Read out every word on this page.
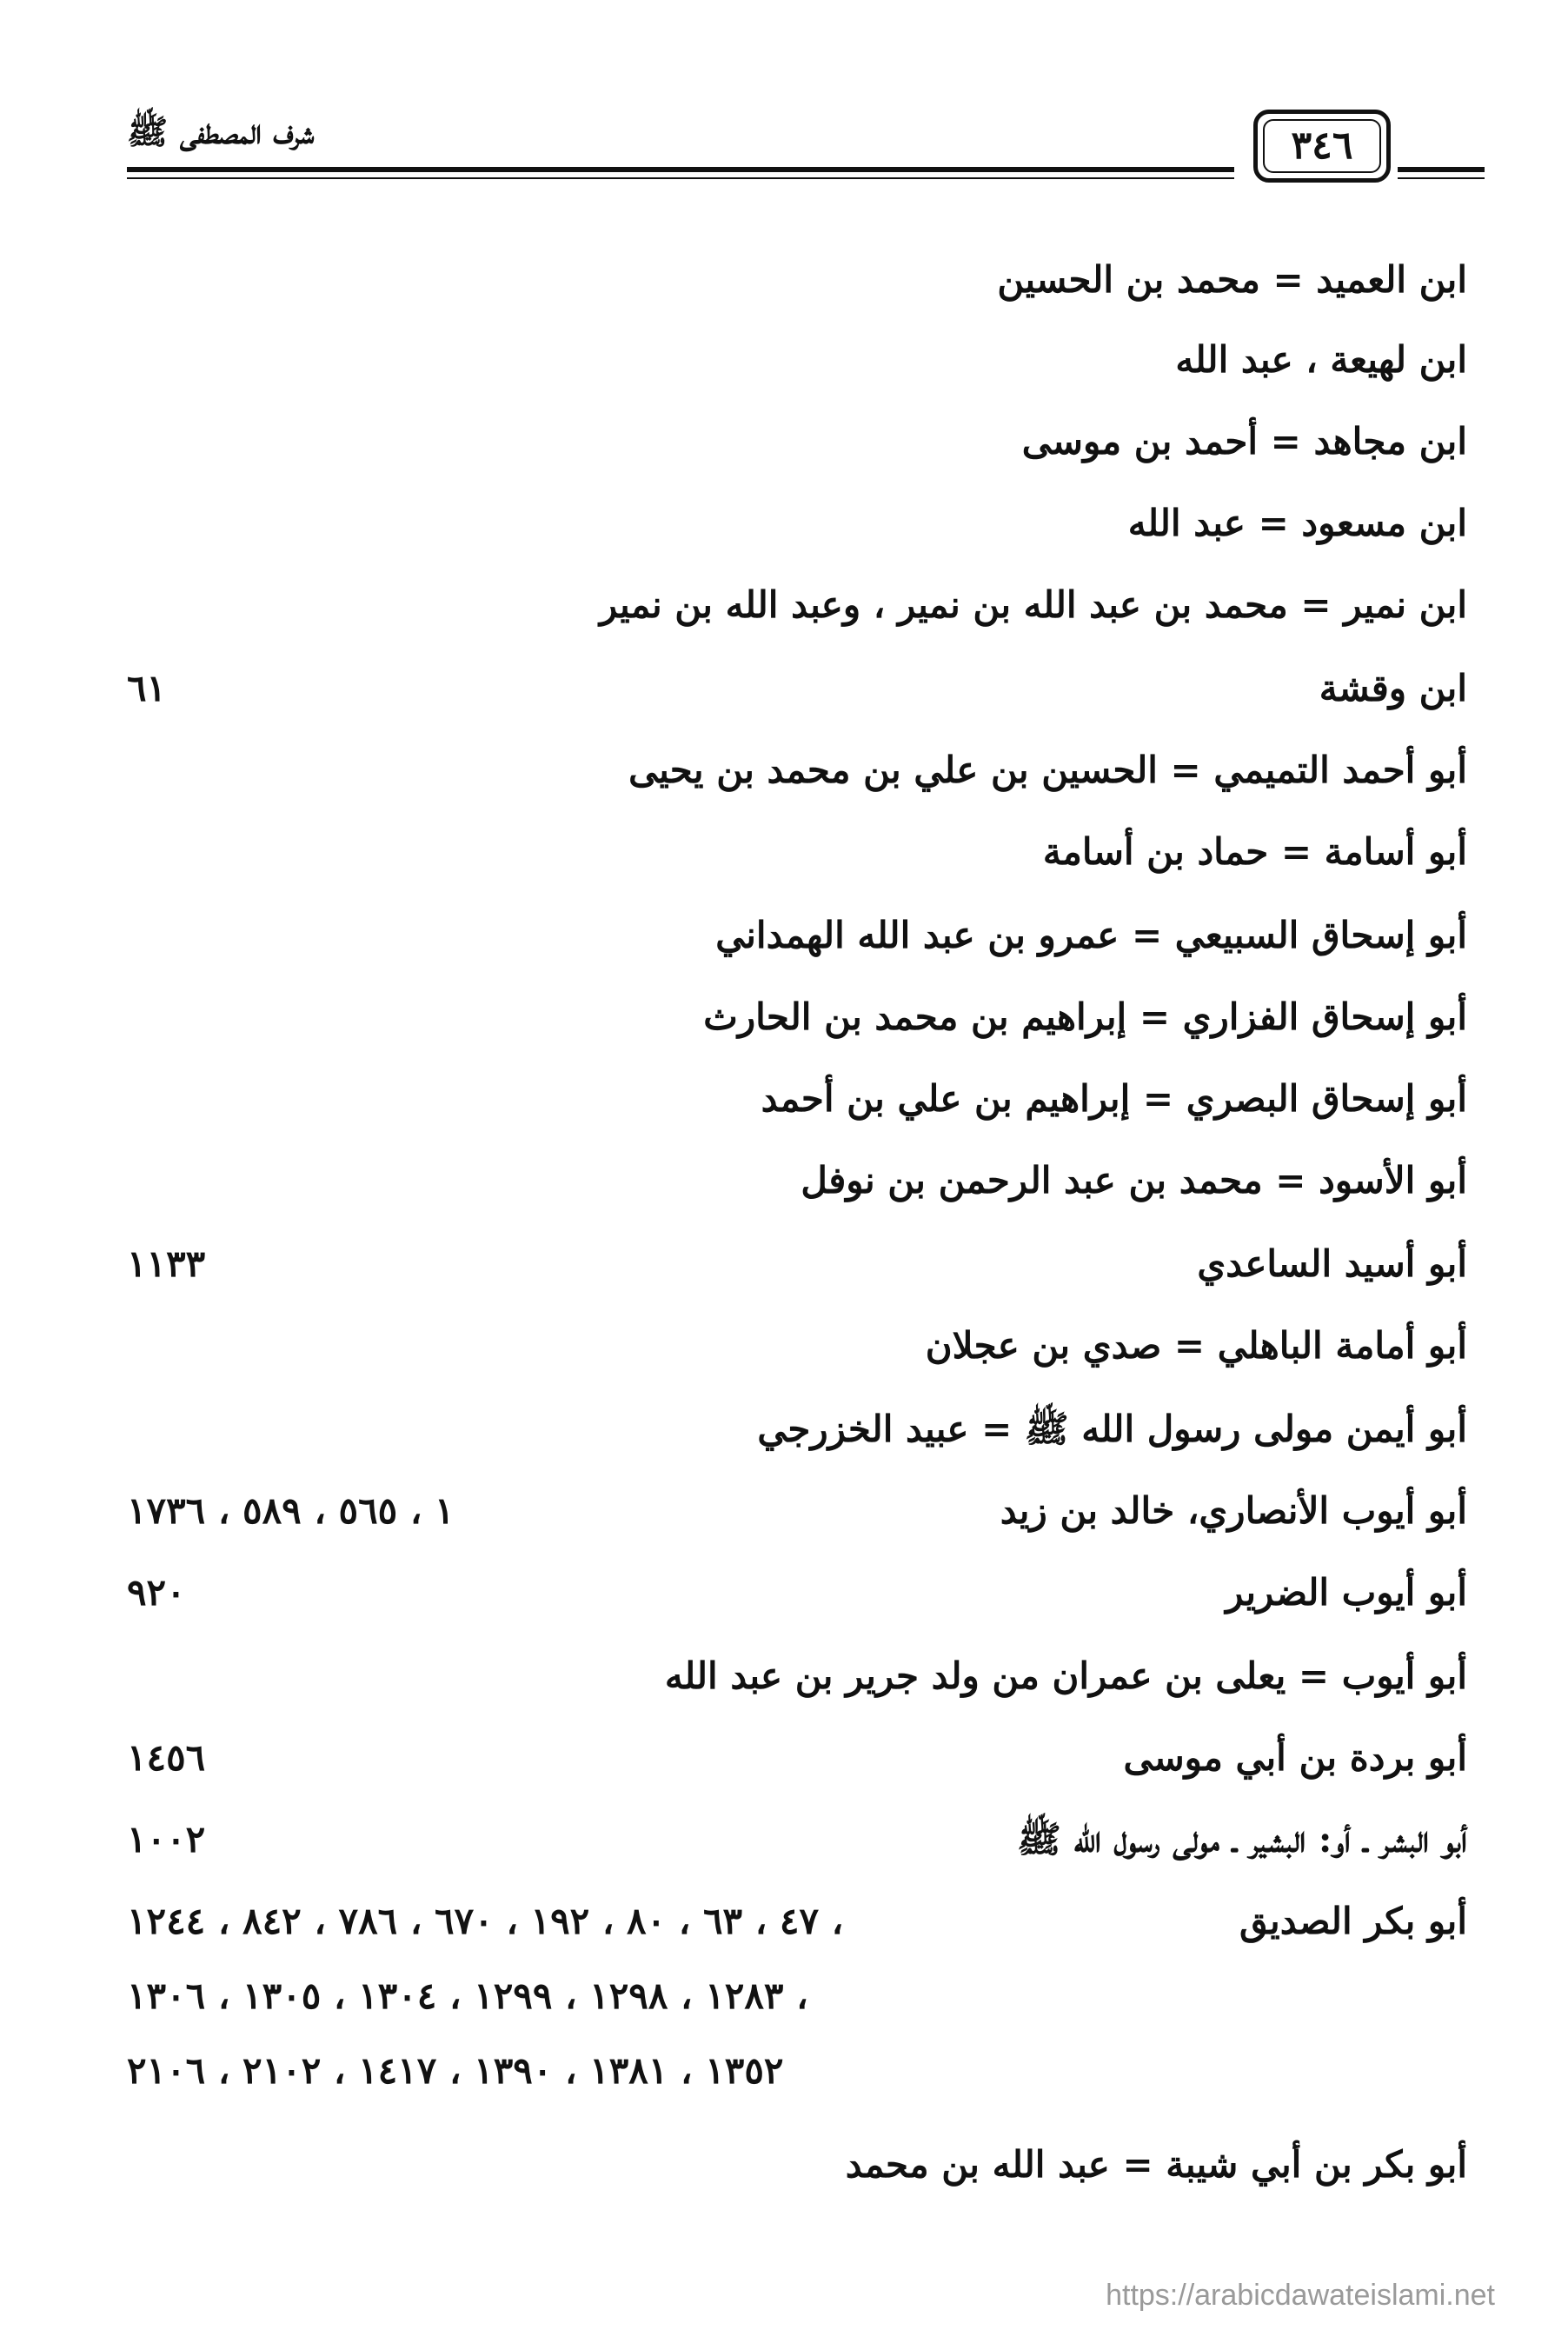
شرف المصطفى ﷺ	٣٤٦
ابن العميد = محمد بن الحسين
ابن لهيعة ، عبد الله
ابن مجاهد = أحمد بن موسى
ابن مسعود = عبد الله
ابن نمير = محمد بن عبد الله بن نمير ، وعبد الله بن نمير
ابن وقشة
٦١
أبو أحمد التميمي = الحسين بن علي بن محمد بن يحيى
أبو أسامة = حماد بن أسامة
أبو إسحاق السبيعي = عمرو بن عبد الله الهمداني
أبو إسحاق الفزاري = إبراهيم بن محمد بن الحارث
أبو إسحاق البصري = إبراهيم بن علي بن أحمد
أبو الأسود = محمد بن عبد الرحمن بن نوفل
أبو أسيد الساعدي
١١٣٣
أبو أمامة الباهلي = صدي بن عجلان
أبو أيمن مولى رسول الله ﷺ = عبيد الخزرجي
أبو أيوب الأنصاري، خالد بن زيد
١ ، ٥٦٥ ، ٥٨٩ ، ١٧٣٦
أبو أيوب الضرير
٩٢٠
أبو أيوب = يعلى بن عمران من ولد جرير بن عبد الله
أبو بردة بن أبي موسى
١٤٥٦
أبو البشر ـ أو: البشير ـ مولى رسول الله ﷺ
١٠٠٢
أبو بكر الصديق
٤٧ ، ٦٣ ، ٨٠ ، ١٩٢ ، ٦٧٠ ، ٧٨٦ ، ٨٤٢ ، ١٢٤٤ ،
١٢٨٣ ، ١٢٩٨ ، ١٢٩٩ ، ١٣٠٤ ، ١٣٠٥ ، ١٣٠٦ ،
١٣٥٢ ، ١٣٨١ ، ١٣٩٠ ، ١٤١٧ ، ٢١٠٢ ، ٢١٠٦
أبو بكر بن أبي شيبة = عبد الله بن محمد
https://arabicdawateislami.net
